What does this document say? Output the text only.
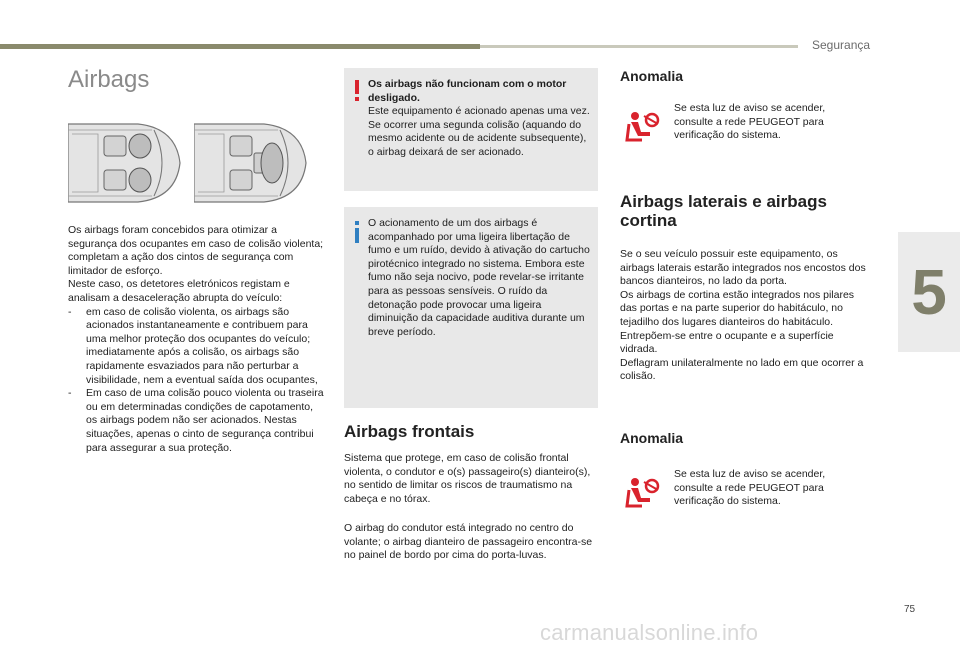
Segurança
5
Airbags

Os airbags foram concebidos para otimizar a segurança dos ocupantes em caso de colisão violenta; completam a ação dos cintos de segurança com limitador de esforço.

Neste caso, os detetores eletrónicos registam e analisam a desaceleração abrupta do veículo:

- em caso de colisão violenta, os airbags são acionados instantaneamente e contribuem para uma melhor proteção dos ocupantes do veículo; imediatamente após a colisão, os airbags são rapidamente esvaziados para não perturbar a visibilidade, nem a eventual saída dos ocupantes,
- Em caso de uma colisão pouco violenta ou traseira ou em determinadas condições de capotamento, os airbags podem não ser acionados. Nestas situações, apenas o cinto de segurança contribui para assegurar a sua proteção.

Os airbags não funcionam com o motor desligado.

Este equipamento é acionado apenas uma vez. Se ocorrer uma segunda colisão (aquando do mesmo acidente ou de acidente subsequente), o airbag deixará de ser acionado.

O acionamento de um dos airbags é acompanhado por uma ligeira libertação de fumo e um ruído, devido à ativação do cartucho pirotécnico integrado no sistema. Embora este fumo não seja nocivo, pode revelar-se irritante para as pessoas sensíveis. O ruído da detonação pode provocar uma ligeira diminuição da capacidade auditiva durante um breve período.

Airbags frontais

Sistema que protege, em caso de colisão frontal violenta, o condutor e o(s) passageiro(s) dianteiro(s), no sentido de limitar os riscos de traumatismo na cabeça e no tórax.

O airbag do condutor está integrado no centro do volante; o airbag dianteiro de passageiro encontra-se no painel de bordo por cima do porta-luvas.

Anomalia

Se esta luz de aviso se acender, consulte a rede PEUGEOT para verificação do sistema.

Airbags laterais e airbags cortina

Se o seu veículo possuir este equipamento, os airbags laterais estarão integrados nos encostos dos bancos dianteiros, no lado da porta.

Os airbags de cortina estão integrados nos pilares das portas e na parte superior do habitáculo, no tejadilho dos lugares dianteiros do habitáculo.

Entrepõem-se entre o ocupante e a superfície vidrada.

Deflagram unilateralmente no lado em que ocorrer a colisão.

Anomalia

Se esta luz de aviso se acender, consulte a rede PEUGEOT para verificação do sistema.

75
carmanualsonline.info
